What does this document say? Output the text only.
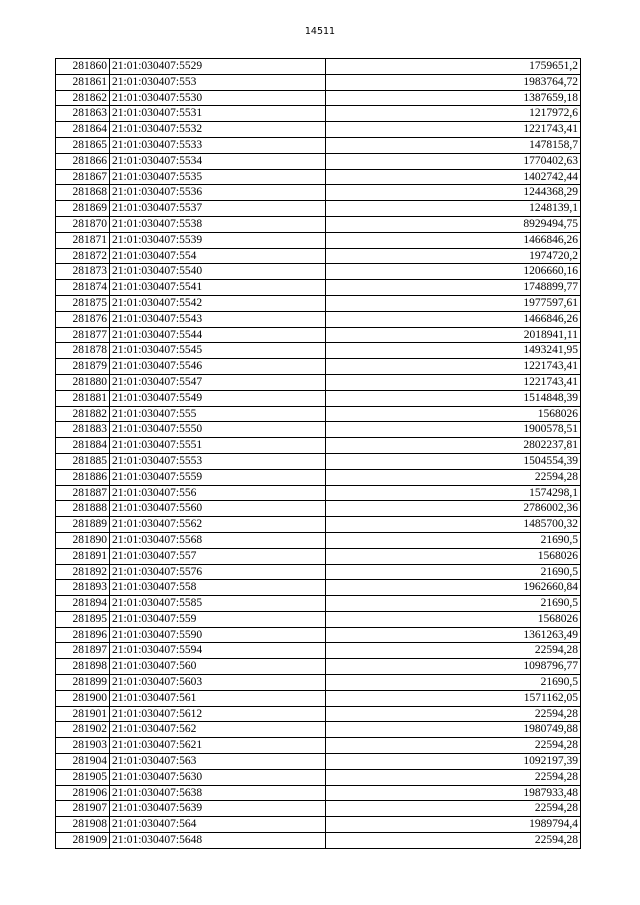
14511
281860	21:01:030407:5529	1759651,2
281861	21:01:030407:553	1983764,72
281862	21:01:030407:5530	1387659,18
281863	21:01:030407:5531	1217972,6
281864	21:01:030407:5532	1221743,41
281865	21:01:030407:5533	1478158,7
281866	21:01:030407:5534	1770402,63
281867	21:01:030407:5535	1402742,44
281868	21:01:030407:5536	1244368,29
281869	21:01:030407:5537	1248139,1
281870	21:01:030407:5538	8929494,75
281871	21:01:030407:5539	1466846,26
281872	21:01:030407:554	1974720,2
281873	21:01:030407:5540	1206660,16
281874	21:01:030407:5541	1748899,77
281875	21:01:030407:5542	1977597,61
281876	21:01:030407:5543	1466846,26
281877	21:01:030407:5544	2018941,11
281878	21:01:030407:5545	1493241,95
281879	21:01:030407:5546	1221743,41
281880	21:01:030407:5547	1221743,41
281881	21:01:030407:5549	1514848,39
281882	21:01:030407:555	1568026
281883	21:01:030407:5550	1900578,51
281884	21:01:030407:5551	2802237,81
281885	21:01:030407:5553	1504554,39
281886	21:01:030407:5559	22594,28
281887	21:01:030407:556	1574298,1
281888	21:01:030407:5560	2786002,36
281889	21:01:030407:5562	1485700,32
281890	21:01:030407:5568	21690,5
281891	21:01:030407:557	1568026
281892	21:01:030407:5576	21690,5
281893	21:01:030407:558	1962660,84
281894	21:01:030407:5585	21690,5
281895	21:01:030407:559	1568026
281896	21:01:030407:5590	1361263,49
281897	21:01:030407:5594	22594,28
281898	21:01:030407:560	1098796,77
281899	21:01:030407:5603	21690,5
281900	21:01:030407:561	1571162,05
281901	21:01:030407:5612	22594,28
281902	21:01:030407:562	1980749,88
281903	21:01:030407:5621	22594,28
281904	21:01:030407:563	1092197,39
281905	21:01:030407:5630	22594,28
281906	21:01:030407:5638	1987933,48
281907	21:01:030407:5639	22594,28
281908	21:01:030407:564	1989794,4
281909	21:01:030407:5648	22594,28
